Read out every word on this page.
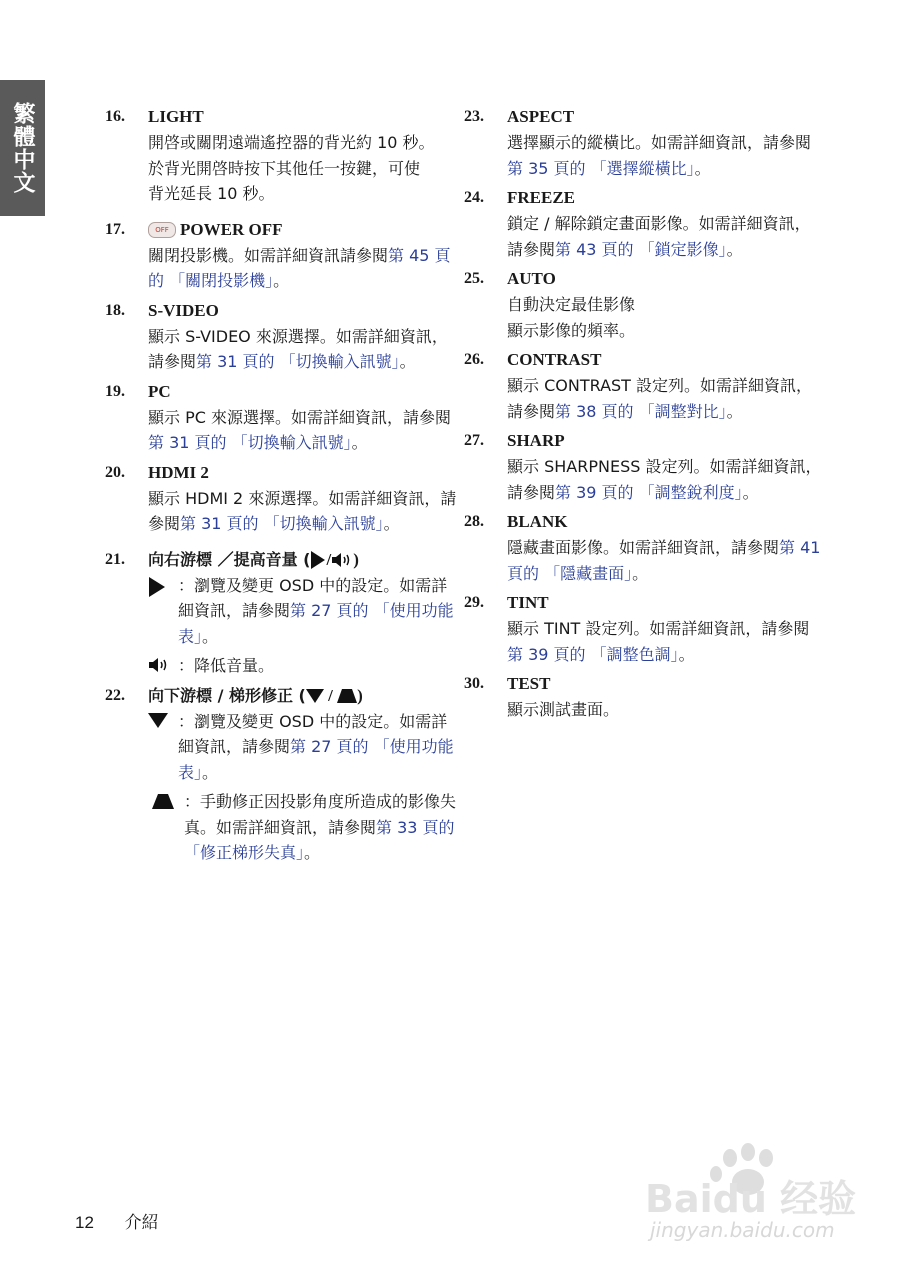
繁體中文	16. LIGHT
開啓或關閉遠端遙控器的背光約 10 秒。
於背光開啓時按下其他任一按鍵，可使
背光延長 10 秒。
17.	OFF POWER OFF
關閉投影機。如需詳細資訊請參閱第 45 頁的 「關閉投影機」。
18. S-VIDEO
顯示 S-VIDEO 來源選擇。如需詳細資訊，請參閱第 31 頁的 「切換輸入訊號」。
19. PC
顯示 PC 來源選擇。如需詳細資訊，請參閱第 31 頁的 「切換輸入訊號」。
20. HDMI 2
顯示 HDMI 2 來源選擇。如需詳細資訊，請參閱第 31 頁的 「切換輸入訊號」。
21. 向右游標 ／提高音量 ( / )
：瀏覽及變更 OSD 中的設定。如需詳細資訊，請參閱第 27 頁的 「使用功能表」。
：降低音量。
22. 向下游標 / 梯形修正 ( / )
：瀏覽及變更 OSD 中的設定。如需詳細資訊，請參閱第 27 頁的 「使用功能表」。
：手動修正因投影角度所造成的影像失真。如需詳細資訊，請參閱第 33 頁的 「修正梯形失真」。
23. ASPECT
選擇顯示的縱橫比。如需詳細資訊，請參閱第 35 頁的 「選擇縱橫比」。
24. FREEZE
鎖定 / 解除鎖定畫面影像。如需詳細資訊，請參閱第 43 頁的 「鎖定影像」。
25. AUTO
自動決定最佳影像
顯示影像的頻率。
26. CONTRAST
顯示 CONTRAST 設定列。如需詳細資訊，請參閱第 38 頁的 「調整對比」。
27. SHARP
顯示 SHARPNESS 設定列。如需詳細資訊，請參閱第 39 頁的 「調整銳利度」。
28. BLANK
隱藏畫面影像。如需詳細資訊，請參閱第 41 頁的 「隱藏畫面」。
29. TINT
顯示 TINT 設定列。如需詳細資訊，請參閱第 39 頁的 「調整色調」。
30. TEST
顯示測試畫面。
12 介紹
Baidu 经验
jingyan.baidu.com
